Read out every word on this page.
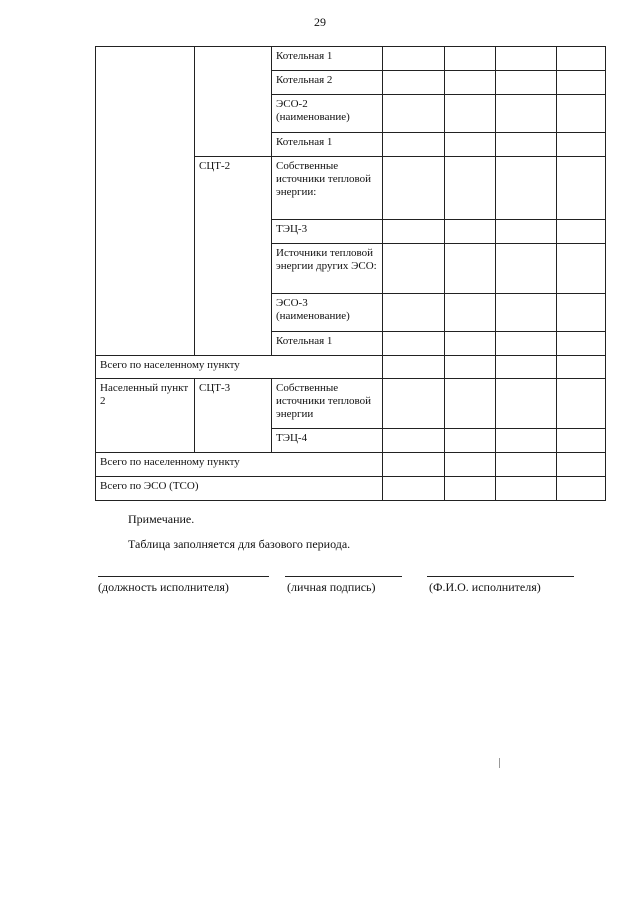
29
		Котельная 1				
		Котельная 2				
		ЭСО-2 (наименование)				
		Котельная 1				
	СЦТ-2	Собственные источники тепловой энергии:				
		ТЭЦ-3				
		Источники тепловой энергии других ЭСО:				
		ЭСО-3 (наименование)				
		Котельная 1				
Всего по населенному пункту						
Населенный пункт 2	СЦТ-3	Собственные источники тепловой энергии				
		ТЭЦ-4				
Всего по населенному пункту						
Всего по ЭСО (ТСО)						
Примечание.
Таблица заполняется для базового периода.
(должность исполнителя)	(личная подпись)	(Ф.И.О. исполнителя)
